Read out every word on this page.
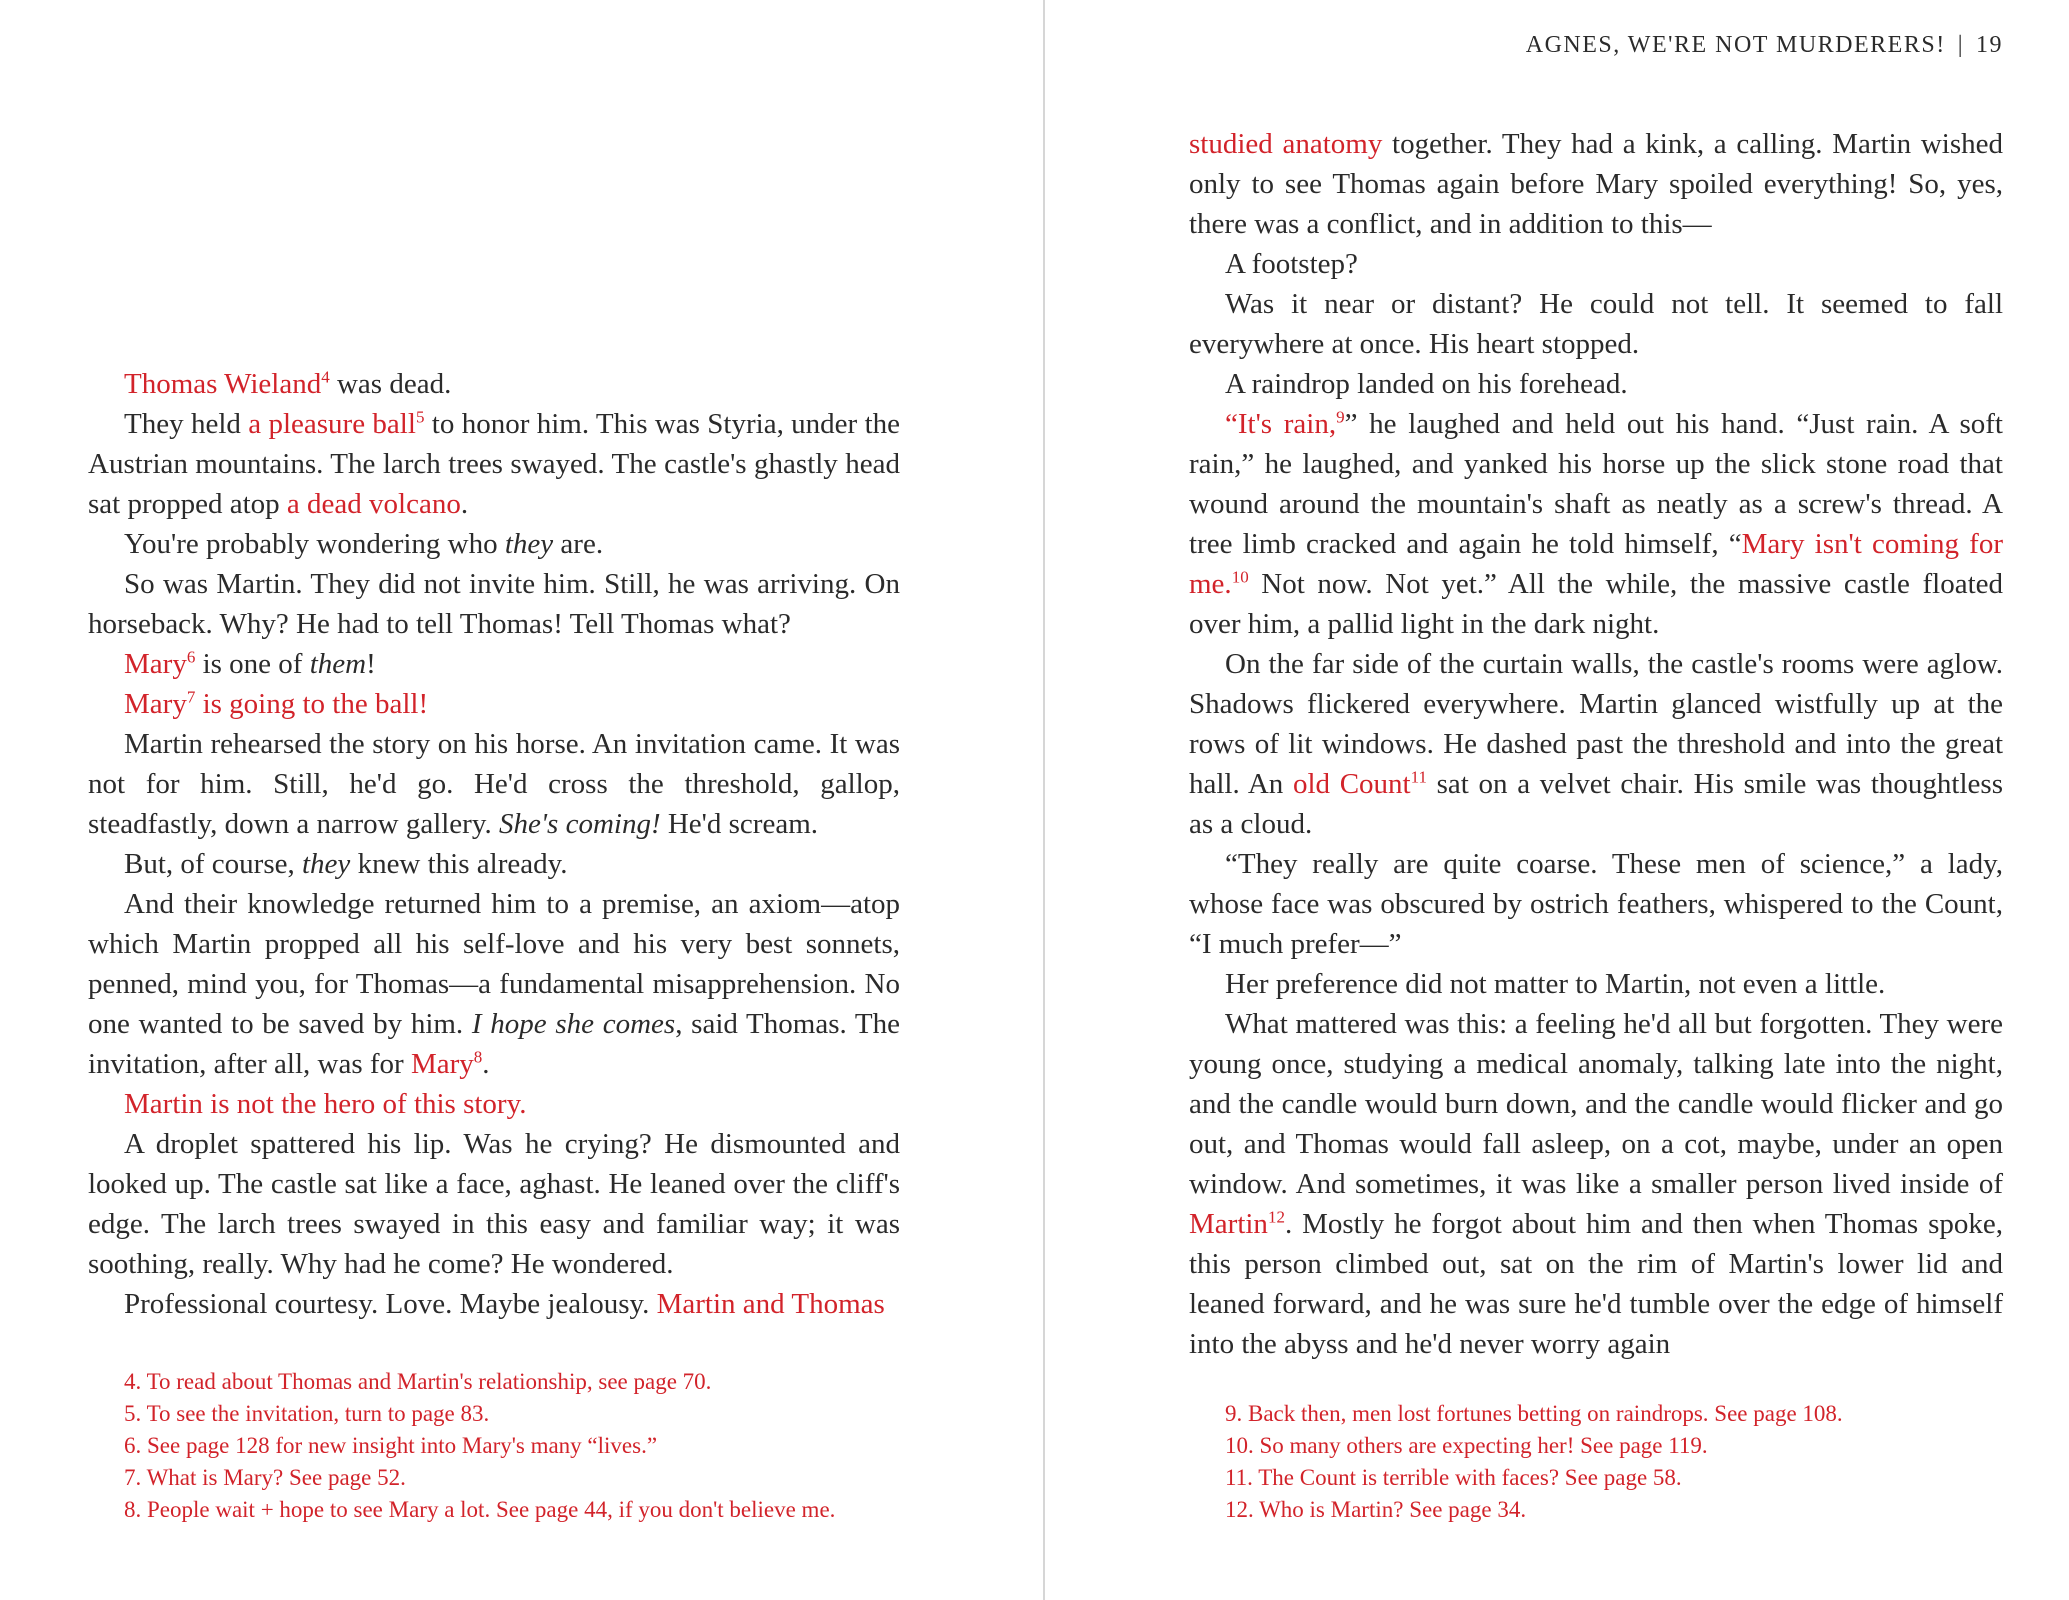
AGNES, WE'RE NOT MURDERERS! | 19

Thomas Wieland$^4$ was dead.

They held a pleasure ball$^5$ to honor him. This was Styria, under the Austrian mountains. The larch trees swayed. The castle's ghastly head sat propped atop a dead volcano.

You're probably wondering who they are.

So was Martin. They did not invite him. Still, he was arriving. On horseback. Why? He had to tell Thomas! Tell Thomas what?

Mary$^6$ is one of them!

Mary$^7$ is going to the ball!

Martin rehearsed the story on his horse. An invitation came. It was not for him. Still, he'd go. He'd cross the threshold, gallop, steadfastly, down a narrow gallery. She's coming! He'd scream.

But, of course, they knew this already.

And their knowledge returned him to a premise, an axiom—atop which Martin propped all his self-love and his very best sonnets, penned, mind you, for Thomas—a fundamental misapprehension. No one wanted to be saved by him. I hope she comes, said Thomas. The invitation, after all, was for Mary$^8$.

Martin is not the hero of this story.

A droplet spattered his lip. Was he crying? He dismounted and looked up. The castle sat like a face, aghast. He leaned over the cliff's edge. The larch trees swayed in this easy and familiar way; it was soothing, really. Why had he come? He wondered.

Professional courtesy. Love. Maybe jealousy. Martin and Thomas

4. To read about Thomas and Martin's relationship, see page 70.
5. To see the invitation, turn to page 83.
6. See page 128 for new insight into Mary's many “lives.”
7. What is Mary? See page 52.
8. People wait + hope to see Mary a lot. See page 44, if you don't believe me.

studied anatomy together. They had a kink, a calling. Martin wished only to see Thomas again before Mary spoiled everything! So, yes, there was a conflict, and in addition to this—

A footstep?

Was it near or distant? He could not tell. It seemed to fall everywhere at once. His heart stopped.

A raindrop landed on his forehead.

“It's rain,$^9$” he laughed and held out his hand. “Just rain. A soft rain,” he laughed, and yanked his horse up the slick stone road that wound around the mountain's shaft as neatly as a screw's thread. A tree limb cracked and again he told himself, “Mary isn't coming for me.$^{10}$ Not now. Not yet.” All the while, the massive castle floated over him, a pallid light in the dark night.

On the far side of the curtain walls, the castle's rooms were aglow. Shadows flickered everywhere. Martin glanced wistfully up at the rows of lit windows. He dashed past the threshold and into the great hall. An old Count$^{11}$ sat on a velvet chair. His smile was thoughtless as a cloud.

“They really are quite coarse. These men of science,” a lady, whose face was obscured by ostrich feathers, whispered to the Count, “I much prefer—”

Her preference did not matter to Martin, not even a little.

What mattered was this: a feeling he'd all but forgotten. They were young once, studying a medical anomaly, talking late into the night, and the candle would burn down, and the candle would flicker and go out, and Thomas would fall asleep, on a cot, maybe, under an open window. And sometimes, it was like a smaller person lived inside of Martin$^{12}$. Mostly he forgot about him and then when Thomas spoke, this person climbed out, sat on the rim of Martin's lower lid and leaned forward, and he was sure he'd tumble over the edge of himself into the abyss and he'd never worry again

9. Back then, men lost fortunes betting on raindrops. See page 108.
10. So many others are expecting her! See page 119.
11. The Count is terrible with faces? See page 58.
12. Who is Martin? See page 34.
